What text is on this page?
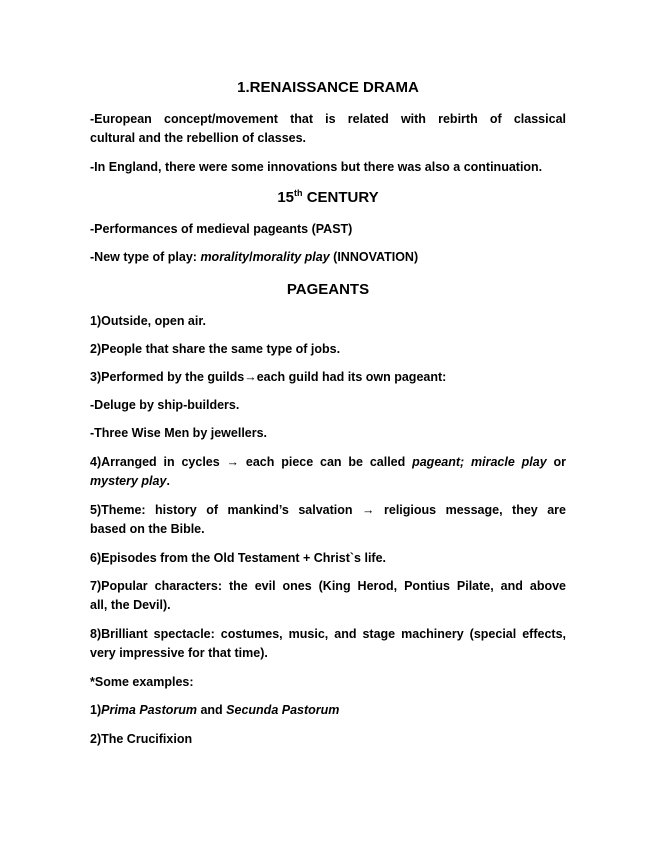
1.RENAISSANCE DRAMA
-European concept/movement that is related with rebirth of classical
cultural and the rebellion of classes.
-In England, there were some innovations but there was also a continuation.
15th CENTURY
-Performances of medieval pageants (PAST)
-New type of play: morality/morality play (INNOVATION)
PAGEANTS
1)Outside, open air.
2)People that share the same type of jobs.
3)Performed by the guilds→each guild had its own pageant:
-Deluge by ship-builders.
-Three Wise Men by jewellers.
4)Arranged in cycles → each piece can be called pageant; miracle play or
mystery play.
5)Theme: history of mankind’s salvation → religious message, they are
based on the Bible.
6)Episodes from the Old Testament + Christ`s life.
7)Popular characters: the evil ones (King Herod, Pontius Pilate, and above
all, the Devil).
8)Brilliant spectacle: costumes, music, and stage machinery (special effects,
very impressive for that time).
*Some examples:
1)Prima Pastorum and Secunda Pastorum
2)The Crucifixion
